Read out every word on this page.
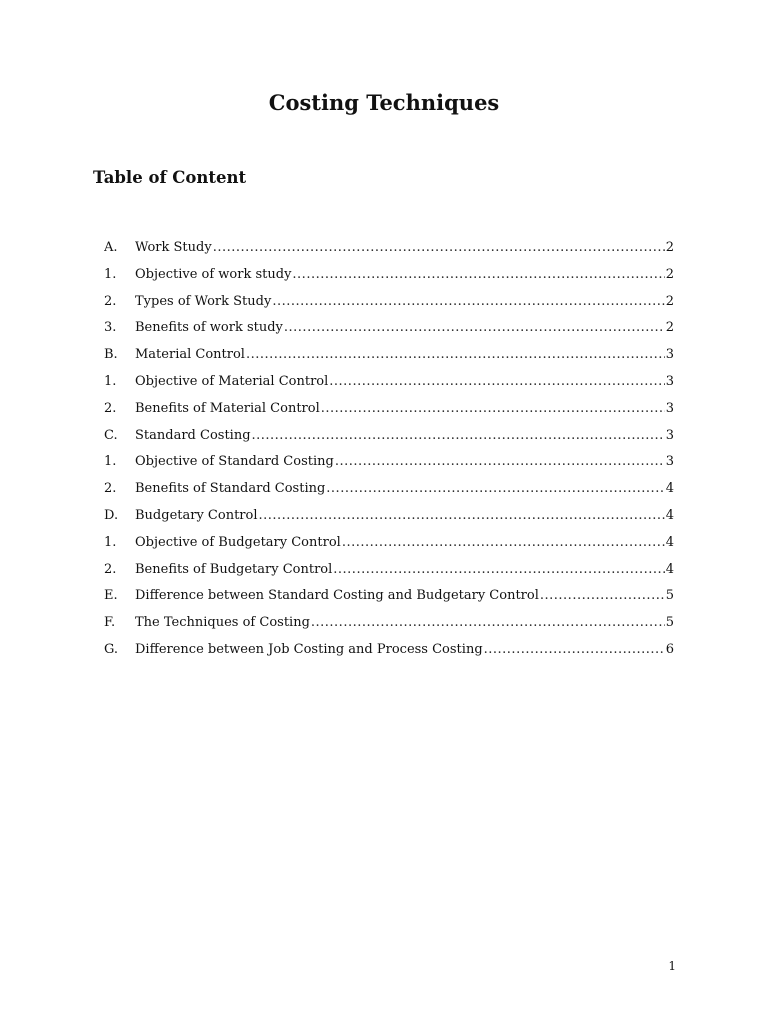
Costing Techniques
Table of Content
A.	Work Study .....	2
1.	Objective of work study .....	2
2.	Types of Work Study .....	2
3.	Benefits of work study .....	2
B.	Material Control .....	3
1.	Objective of Material Control .....	3
2.	Benefits of Material Control .....	3
C.	Standard Costing .....	3
1.	Objective of Standard Costing .....	3
2.	Benefits of Standard Costing .....	4
D.	Budgetary Control .....	4
1.	Objective of Budgetary Control .....	4
2.	Benefits of Budgetary Control .....	4
E.	Difference between Standard Costing and Budgetary Control .....	5
F.	The Techniques of Costing .....	5
G.	Difference between Job Costing and Process Costing .....	6
1
